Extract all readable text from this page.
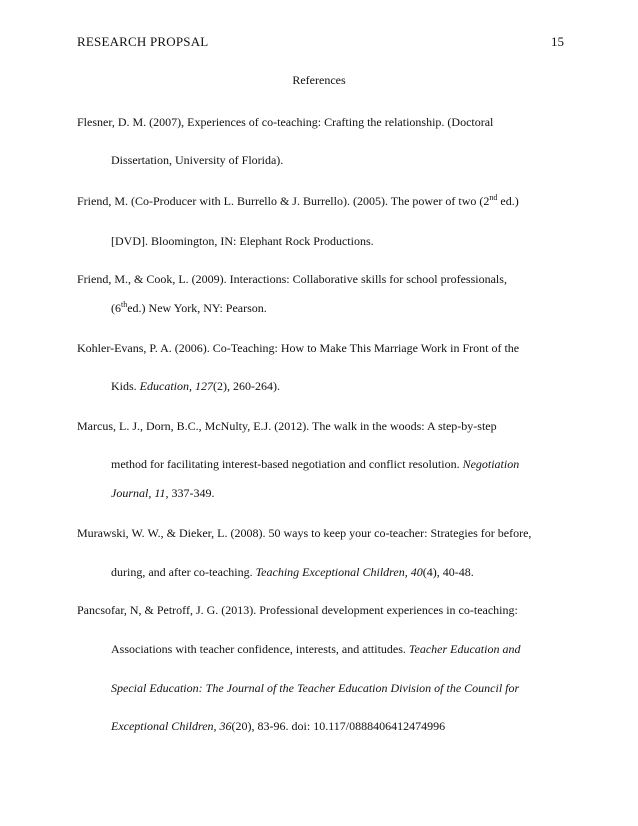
RESEARCH PROPSAL	15
References
Flesner, D. M. (2007), Experiences of co-teaching: Crafting the relationship. (Doctoral
Dissertation, University of Florida).
Friend, M. (Co-Producer with L. Burrello & J. Burrello). (2005). The power of two (2nd ed.)
[DVD]. Bloomington, IN: Elephant Rock Productions.
Friend, M., & Cook, L. (2009). Interactions: Collaborative skills for school professionals,
(6thed.) New York, NY: Pearson.
Kohler-Evans, P. A. (2006). Co-Teaching: How to Make This Marriage Work in Front of the
Kids. Education, 127(2), 260-264).
Marcus, L. J., Dorn, B.C., McNulty, E.J. (2012). The walk in the woods: A step-by-step
method for facilitating interest-based negotiation and conflict resolution. Negotiation
Journal, 11, 337-349.
Murawski, W. W., & Dieker, L. (2008). 50 ways to keep your co-teacher: Strategies for before,
during, and after co-teaching. Teaching Exceptional Children, 40(4), 40-48.
Pancsofar, N, & Petroff, J. G. (2013). Professional development experiences in co-teaching:
Associations with teacher confidence, interests, and attitudes. Teacher Education and
Special Education: The Journal of the Teacher Education Division of the Council for
Exceptional Children, 36(20), 83-96. doi: 10.117/0888406412474996
